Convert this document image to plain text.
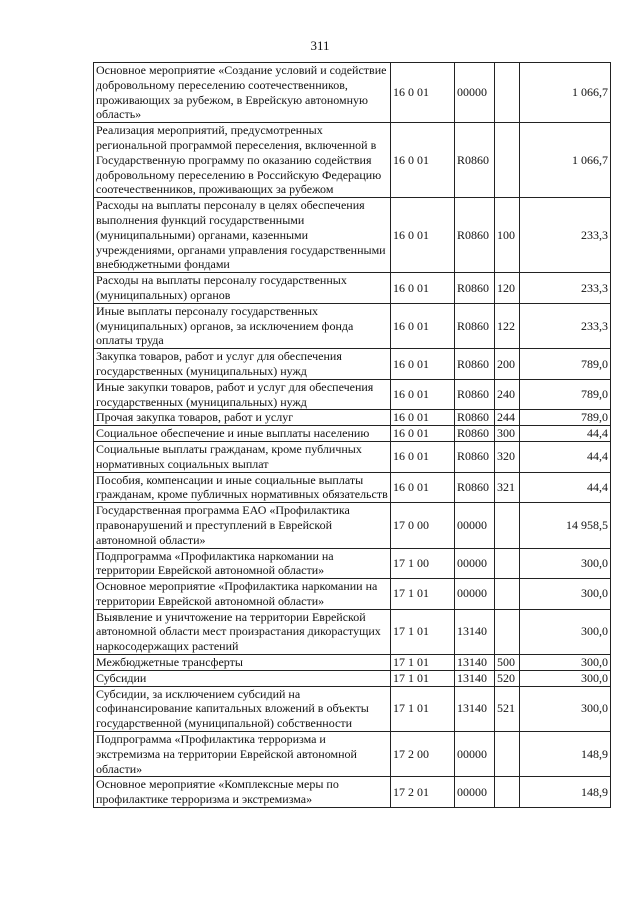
311
Основное мероприятие «Создание условий и содействие добровольному переселению соотечественников, проживающих за рубежом, в Еврейскую автономную область»	16 0 01	00000		1 066,7
Реализация мероприятий, предусмотренных региональной программой переселения, включенной в Государственную программу по оказанию содействия добровольному переселению в Российскую Федерацию соотечественников, проживающих за рубежом	16 0 01	R0860		1 066,7
Расходы на выплаты персоналу в целях обеспечения выполнения функций государственными (муниципальными) органами, казенными учреждениями, органами управления государственными внебюджетными фондами	16 0 01	R0860	100	233,3
Расходы на выплаты персоналу государственных (муниципальных) органов	16 0 01	R0860	120	233,3
Иные выплаты персоналу государственных (муниципальных) органов, за исключением фонда оплаты труда	16 0 01	R0860	122	233,3
Закупка товаров, работ и услуг для обеспечения государственных (муниципальных) нужд	16 0 01	R0860	200	789,0
Иные закупки товаров, работ и услуг для обеспечения государственных (муниципальных) нужд	16 0 01	R0860	240	789,0
Прочая закупка товаров, работ и услуг	16 0 01	R0860	244	789,0
Социальное обеспечение и иные выплаты населению	16 0 01	R0860	300	44,4
Социальные выплаты гражданам, кроме публичных нормативных социальных выплат	16 0 01	R0860	320	44,4
Пособия, компенсации и иные социальные выплаты гражданам, кроме публичных нормативных обязательств	16 0 01	R0860	321	44,4
Государственная программа ЕАО «Профилактика правонарушений и преступлений в Еврейской автономной области»	17 0 00	00000		14 958,5
Подпрограмма «Профилактика наркомании на территории Еврейской автономной области»	17 1 00	00000		300,0
Основное мероприятие «Профилактика наркомании на территории Еврейской автономной области»	17 1 01	00000		300,0
Выявление и уничтожение на территории Еврейской автономной области мест произрастания дикорастущих наркосодержащих растений	17 1 01	13140		300,0
Межбюджетные трансферты	17 1 01	13140	500	300,0
Субсидии	17 1 01	13140	520	300,0
Субсидии, за исключением субсидий на софинансирование капитальных вложений в объекты государственной (муниципальной) собственности	17 1 01	13140	521	300,0
Подпрограмма «Профилактика терроризма и экстремизма на территории Еврейской автономной области»	17 2 00	00000		148,9
Основное мероприятие «Комплексные меры по профилактике терроризма и экстремизма»	17 2 01	00000		148,9
